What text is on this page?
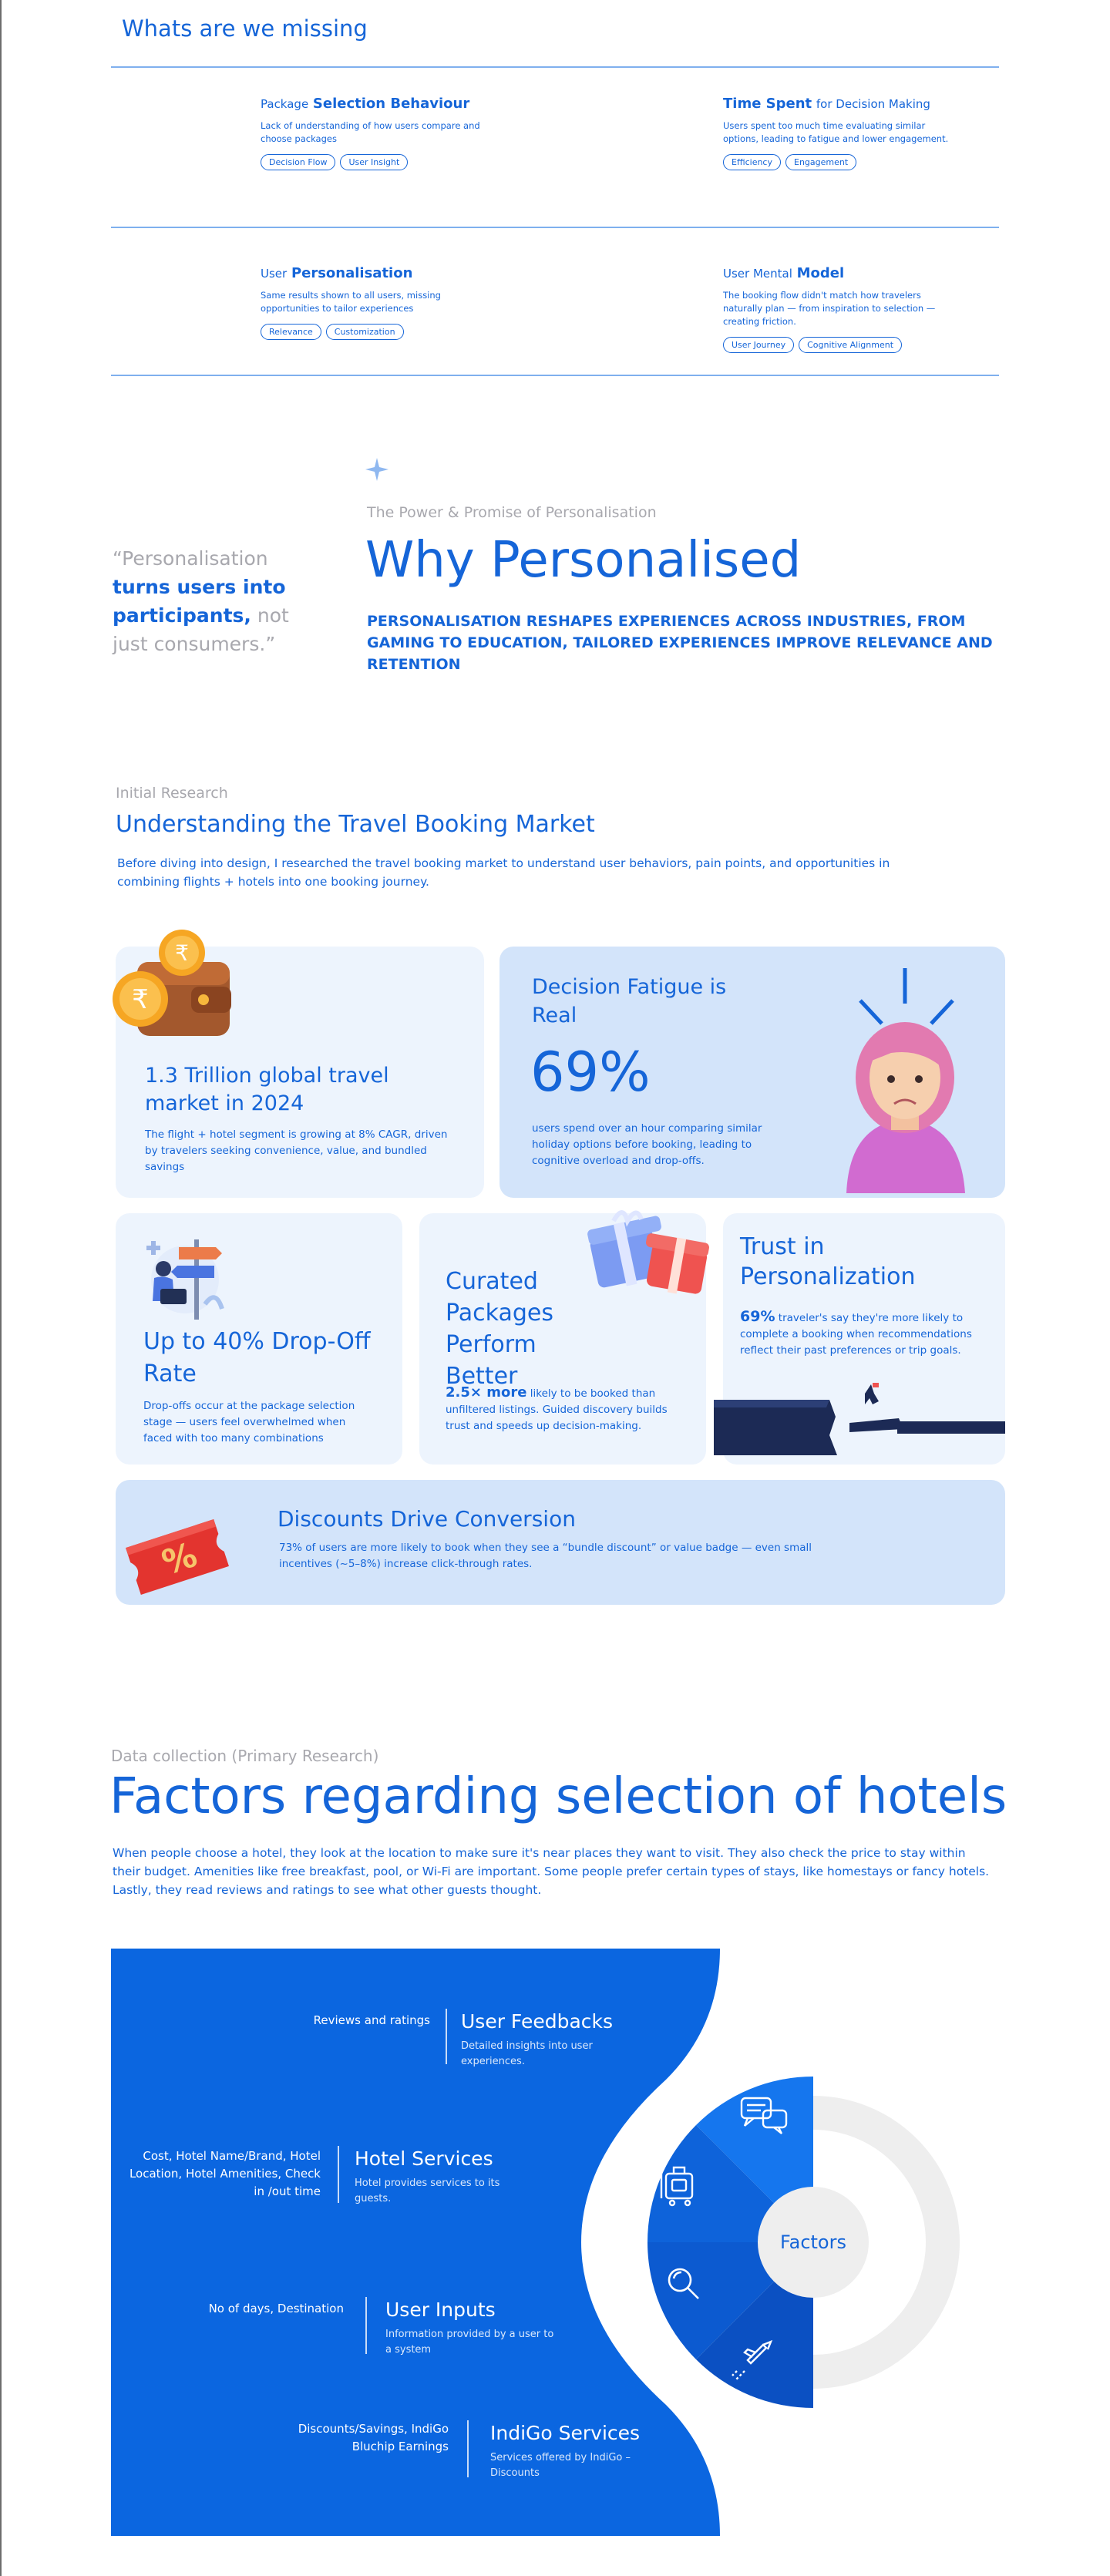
Whats are we missing
Package Selection Behaviour
Lack of understanding of how users compare and choose packages
Decision Flow	User Insight
Time Spent for Decision Making
Users spent too much time evaluating similar options, leading to fatigue and lower engagement.
Efficiency	Engagement
User Personalisation
Same results shown to all users, missing opportunities to tailor experiences
Relevance	Customization
User Mental Model
The booking flow didn't match how travelers naturally plan — from inspiration to selection — creating friction.
User Journey	Cognitive Alignment
“Personalisation
turns users into
participants, not
just consumers.”
The Power & Promise of Personalisation
Why Personalised
PERSONALISATION RESHAPES EXPERIENCES ACROSS INDUSTRIES, FROM GAMING TO EDUCATION, TAILORED EXPERIENCES IMPROVE RELEVANCE AND RETENTION
Initial Research
Understanding the Travel Booking Market
Before diving into design, I researched the travel booking market to understand user behaviors, pain points, and opportunities in combining flights + hotels into one booking journey.
1.3 Trillion global travel market in 2024
The flight + hotel segment is growing at 8% CAGR, driven by travelers seeking convenience, value, and bundled savings
₹
₹	Decision Fatigue is Real
69%
users spend over an hour comparing similar holiday options before booking, leading to cognitive overload and drop-offs.
Up to 40% Drop-Off Rate
Drop-offs occur at the package selection stage — users feel overwhelmed when faced with too many combinations
Curated Packages Perform Better
2.5× more likely to be booked than unfiltered listings. Guided discovery builds trust and speeds up decision-making.
Trust in Personalization
69% traveler's say they're more likely to complete a booking when recommendations reflect their past preferences or trip goals.
Discounts Drive Conversion
73% of users are more likely to book when they see a “bundle discount” or value badge — even small incentives (~5–8%) increase click-through rates.
%
Data collection (Primary Research)
Factors regarding selection of hotels
When people choose a hotel, they look at the location to make sure it's near places they want to visit. They also check the price to stay within their budget. Amenities like free breakfast, pool, or Wi-Fi are important. Some people prefer certain types of stays, like homestays or fancy hotels. Lastly, they read reviews and ratings to see what other guests thought.
Factors
Reviews and ratings User Feedbacks
Detailed insights into user experiences.
Cost, Hotel Name/Brand, Hotel Location, Hotel Amenities, Check in /out time
Hotel Services
Hotel provides services to its guests.
No of days, Destination User Inputs
Information provided by a user to a system
Discounts/Savings, IndiGo Bluchip Earnings
IndiGo Services
Services offered by IndiGo – Discounts
